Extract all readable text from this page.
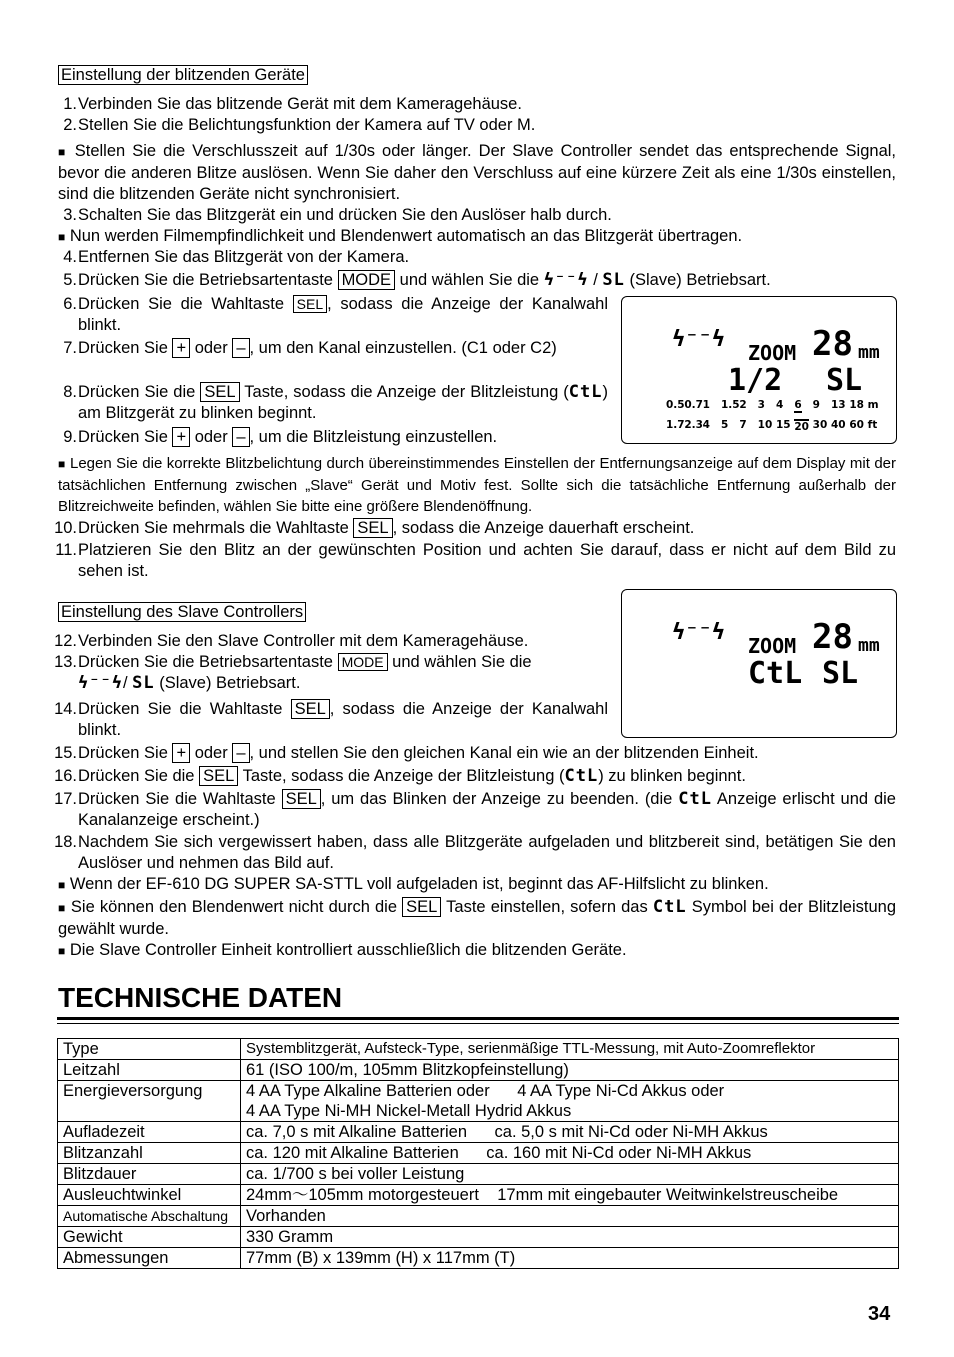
Einstellung der blitzenden Geräte
1. Verbinden Sie das blitzende Gerät mit dem Kameragehäuse.
2. Stellen Sie die Belichtungsfunktion der Kamera auf TV oder M.
■ Stellen Sie die Verschlusszeit auf 1/30s oder länger. Der Slave Controller sendet das entsprechende Signal, bevor die anderen Blitze auslösen. Wenn Sie daher den Verschluss auf eine kürzere Zeit als eine 1/30s einstellen, sind die blitzenden Geräte nicht synchronisiert.
3. Schalten Sie das Blitzgerät ein und drücken Sie den Auslöser halb durch.
■ Nun werden Filmempfindlichkeit und Blendenwert automatisch an das Blitzgerät übertragen.
4. Entfernen Sie das Blitzgerät von der Kamera.
5. Drücken Sie die Betriebsartentaste MODE und wählen Sie die ϟ⁻⁻ϟ / SL (Slave) Betriebsart.
6. Drücken Sie die Wahltaste SEL , sodass die Anzeige der Kanalwahl blinkt.
7. Drücken Sie + oder – , um den Kanal einzustellen. (C1 oder C2)
8. Drücken Sie die SEL Taste, sodass die Anzeige der Blitzleistung (CtL) am Blitzgerät zu blinken beginnt.
9. Drücken Sie + oder – , um die Blitzleistung einzustellen.
ϟ⁻⁻ϟ
ZOOM 28 mm
1/2 SL
0.5 0.7 1 1.5 2 3 4 6 9 13 18 m
1.7 2.3 4 5 7 10 15 20 30 40 60 ft
■ Legen Sie die korrekte Blitzbelichtung durch übereinstimmendes Einstellen der Entfernungsanzeige auf dem Display mit der tatsächlichen Entfernung zwischen „Slave“ Gerät und Motiv fest. Sollte sich die tatsächliche Entfernung außerhalb der Blitzreichweite befinden, wählen Sie bitte eine größere Blendenöffnung.
10. Drücken Sie mehrmals die Wahltaste SEL , sodass die Anzeige dauerhaft erscheint.
11. Platzieren Sie den Blitz an der gewünschten Position und achten Sie darauf, dass er nicht auf dem Bild zu sehen ist.
Einstellung des Slave Controllers
12. Verbinden Sie den Slave Controller mit dem Kameragehäuse.
13. Drücken Sie die Betriebsartentaste MODE und wählen Sie die
ϟ⁻⁻ϟ/ SL (Slave) Betriebsart.
14. Drücken Sie die Wahltaste SEL , sodass die Anzeige der Kanalwahl blinkt.
ϟ⁻⁻ϟ
ZOOM 28 mm
CtL SL
15. Drücken Sie + oder – , und stellen Sie den gleichen Kanal ein wie an der blitzenden Einheit.
16. Drücken Sie die SEL Taste, sodass die Anzeige der Blitzleistung (CtL) zu blinken beginnt.
17. Drücken Sie die Wahltaste SEL , um das Blinken der Anzeige zu beenden. (die CtL Anzeige erlischt und die Kanalanzeige erscheint.)
18. Nachdem Sie sich vergewissert haben, dass alle Blitzgeräte aufgeladen und blitzbereit sind, betätigen Sie den Auslöser und nehmen das Bild auf.
■ Wenn der EF-610 DG SUPER SA-STTL voll aufgeladen ist, beginnt das AF-Hilfslicht zu blinken.
■ Sie können den Blendenwert nicht durch die SEL Taste einstellen, sofern das CtL Symbol bei der Blitzleistung gewählt wurde.
■ Die Slave Controller Einheit kontrolliert ausschließlich die blitzenden Geräte.
TECHNISCHE DATEN
Type	Systemblitzgerät, Aufsteck-Type, serienmäßige TTL-Messung, mit Auto-Zoomreflektor
Leitzahl	61 (ISO 100/m, 105mm Blitzkopfeinstellung)
Energieversorgung	4 AA Type Alkaline Batterien oder      4 AA Type Ni-Cd Akkus oder
4 AA Type Ni-MH Nickel-Metall Hydrid Akkus

Aufladezeit	ca. 7,0 s mit Alkaline Batterien      ca. 5,0 s mit Ni-Cd oder Ni-MH Akkus
Blitzanzahl	ca. 120 mit Alkaline Batterien      ca. 160 mit Ni-Cd oder Ni-MH Akkus
Blitzdauer	ca. 1/700 s bei voller Leistung
Ausleuchtwinkel	24mm～105mm motorgesteuert    17mm mit eingebauter Weitwinkelstreuscheibe
Automatische Abschaltung	Vorhanden
Gewicht	330 Gramm
Abmessungen	77mm (B) x 139mm (H) x 117mm (T)
34
